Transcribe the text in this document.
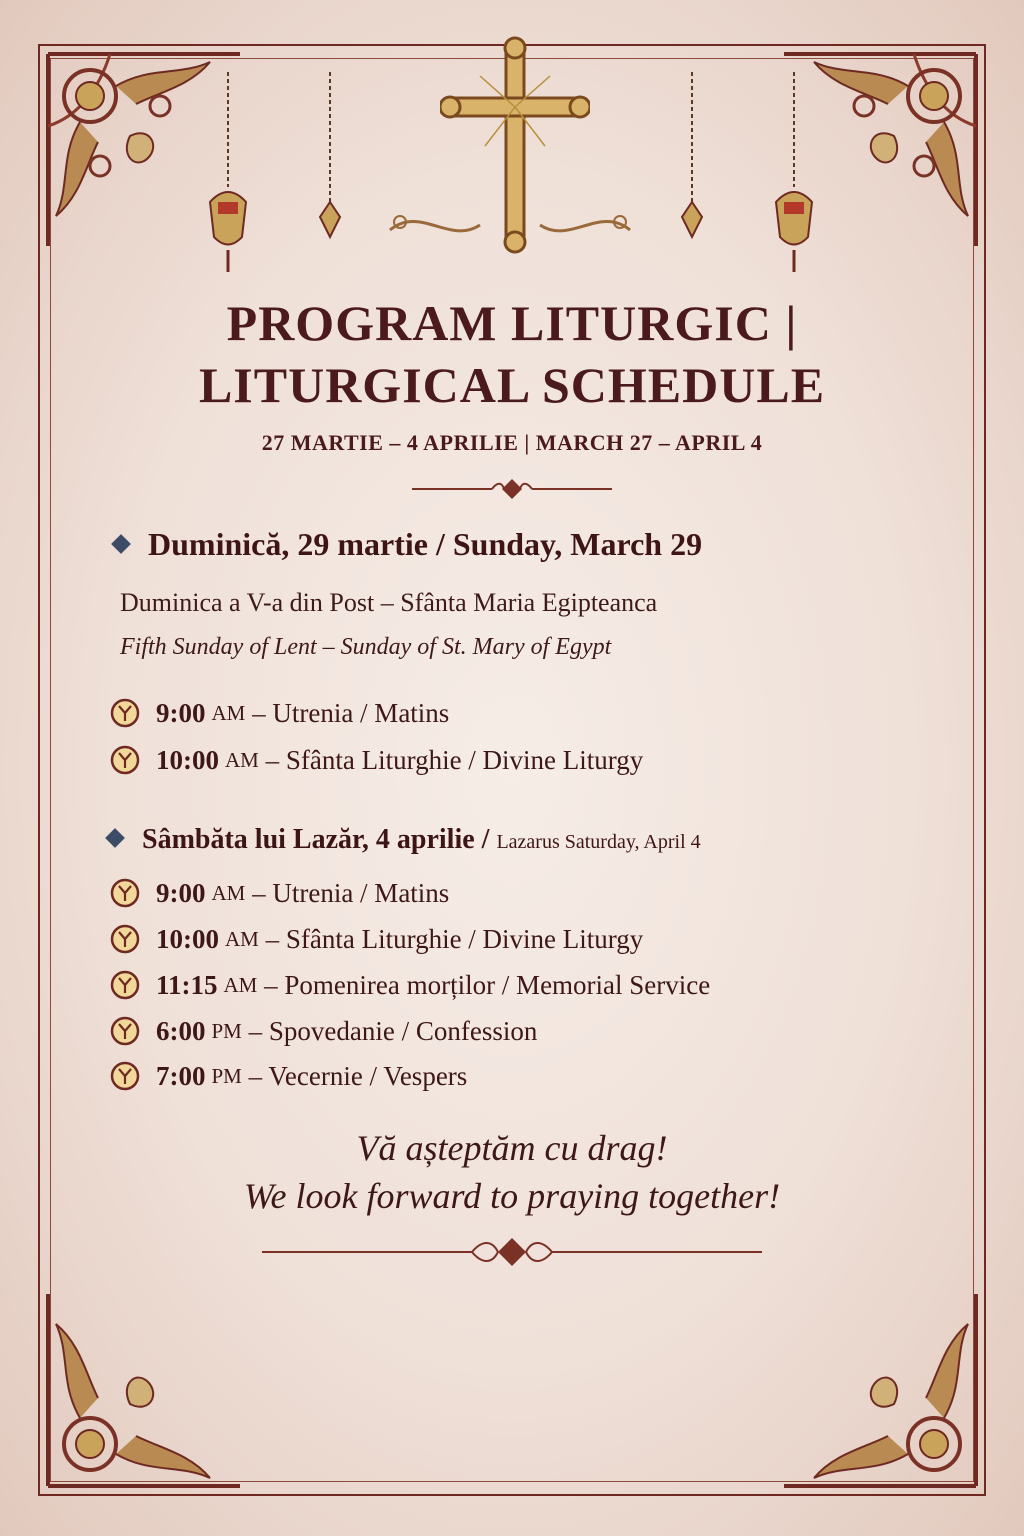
PROGRAM LITURGIC |
LITURGICAL SCHEDULE
27 MARTIE – 4 APRILIE | MARCH 27 – APRIL 4
Duminică, 29 martie / Sunday, March 29
Duminica a V-a din Post – Sfânta Maria Egipteanca
Fifth Sunday of Lent – Sunday of St. Mary of Egypt
9:00 AM
– Utrenia / Matins
10:00 AM
– Sfânta Liturghie / Divine Liturgy
Sâmbăta lui Lazăr, 4 aprilie / Lazarus Saturday, April 4
9:00 AM
– Utrenia / Matins
10:00 AM
– Sfânta Liturghie / Divine Liturgy
11:15 AM
– Pomenirea morților / Memorial Service
6:00 PM
– Spovedanie / Confession
7:00 PM
– Vecernie / Vespers
Vă așteptăm cu drag!
We look forward to praying together!
